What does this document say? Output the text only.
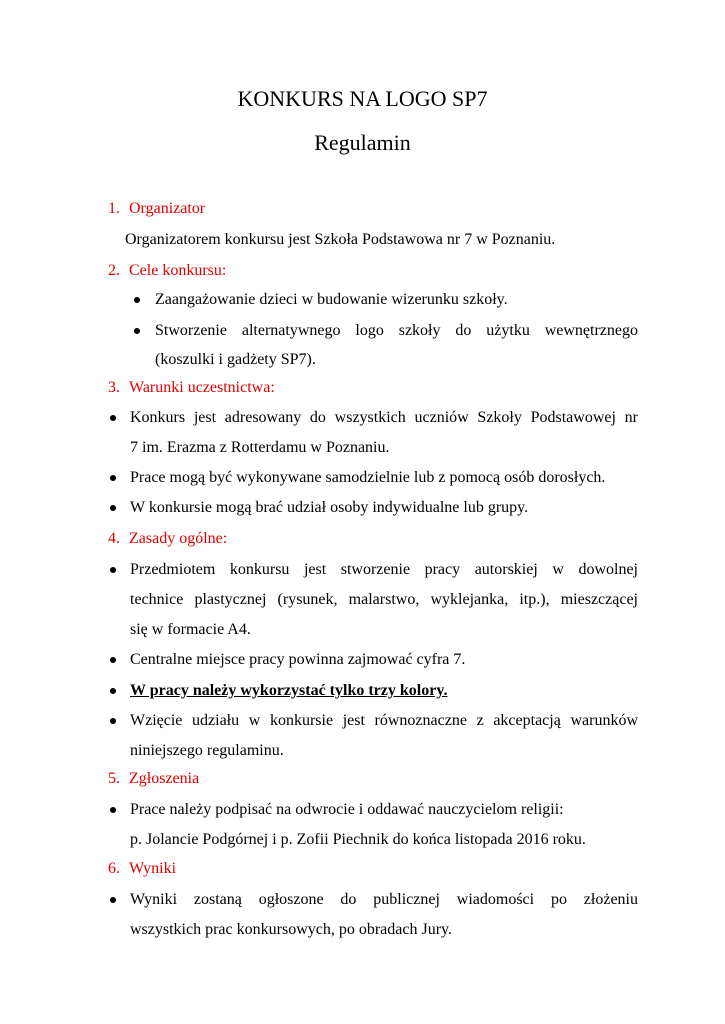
KONKURS NA LOGO SP7
Regulamin
1. Organizator
Organizatorem konkursu jest Szkoła Podstawowa nr 7 w Poznaniu.
2. Cele konkursu:
Zaangażowanie dzieci w budowanie wizerunku szkoły.
Stworzenie alternatywnego logo szkoły do użytku wewnętrznego
(koszulki i gadżety SP7).
3. Warunki uczestnictwa:
Konkurs jest adresowany do wszystkich uczniów Szkoły Podstawowej nr
7 im. Erazma z Rotterdamu w Poznaniu.
Prace mogą być wykonywane samodzielnie lub z pomocą osób dorosłych.
W konkursie mogą brać udział osoby indywidualne lub grupy.
4. Zasady ogólne:
Przedmiotem konkursu jest stworzenie pracy autorskiej w dowolnej
technice plastycznej (rysunek, malarstwo, wyklejanka, itp.), mieszczącej
się w formacie A4.
Centralne miejsce pracy powinna zajmować cyfra 7.
W pracy należy wykorzystać tylko trzy kolory.
Wzięcie udziału w konkursie jest równoznaczne z akceptacją warunków
niniejszego regulaminu.
5. Zgłoszenia
Prace należy podpisać na odwrocie i oddawać nauczycielom religii:
p. Jolancie Podgórnej i p. Zofii Piechnik do końca listopada 2016 roku.
6. Wyniki
Wyniki zostaną ogłoszone do publicznej wiadomości po złożeniu
wszystkich prac konkursowych, po obradach Jury.
